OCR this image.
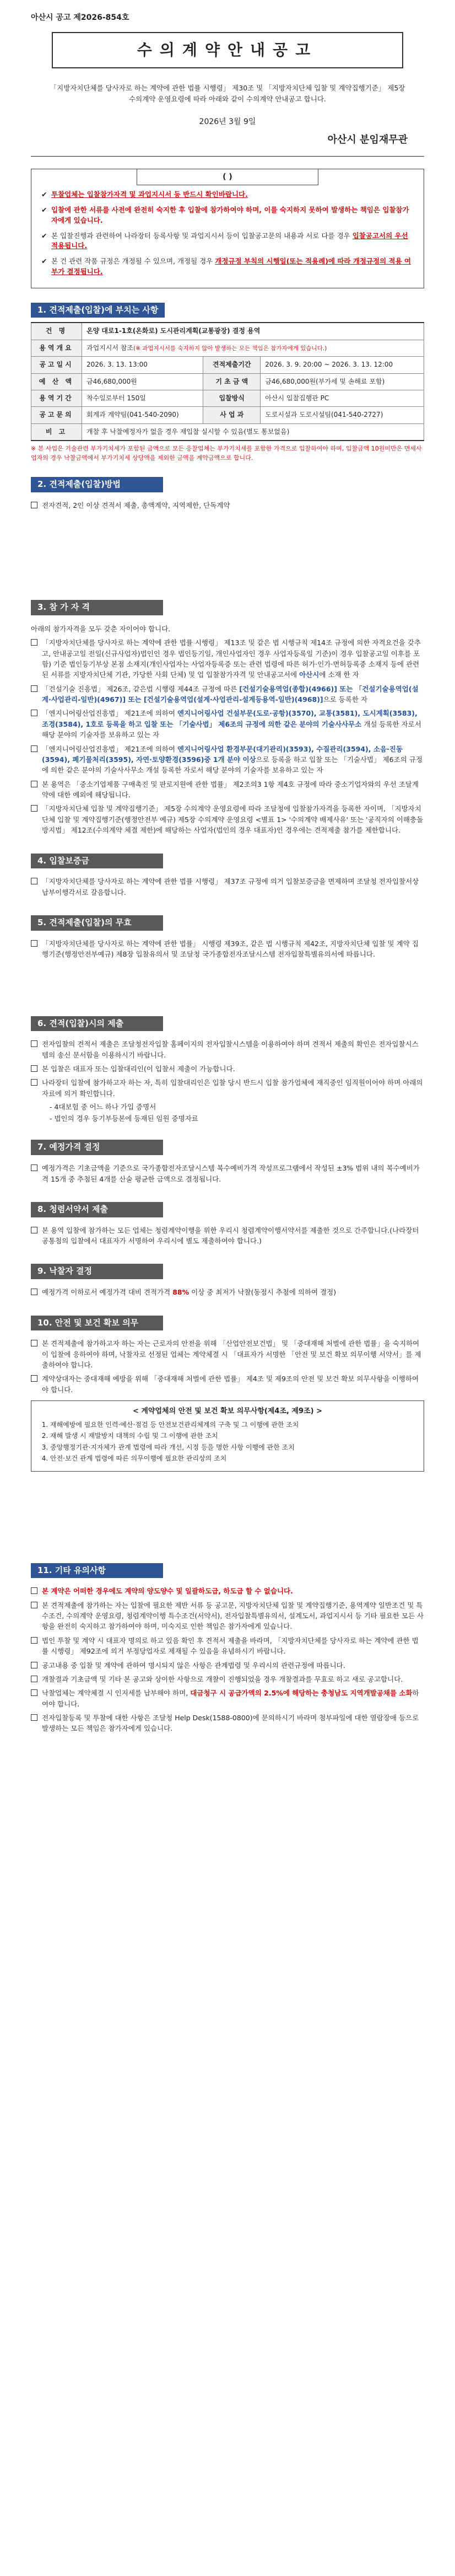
아산시 공고 제2026-854호
수의계약안내공고

「지방자치단체를 당사자로 하는 계약에 관한 법률 시행령」 제30조 및 「지방자치단체 입찰 및 계약집행기준」 제5장 수의계약 운영요령에 따라 아래와 같이 수의계약 안내공고 합니다.

2026년 3월 9일
아산시 분임재무관
( )
✔ 투찰업체는 입찰참가자격 및 과업지시서 등 반드시 확인바랍니다.
✔ 입찰에 관한 서류를 사전에 완전히 숙지한 후 입찰에 참가하여야 하며, 이를 숙지하지 못하여 발생하는 책임은 입찰참가자에게 있습니다.
✔ 본 입찰진행과 관련하여 나라장터 등록사항 및 과업지시서 등이 입찰공고문의 내용과 서로 다를 경우 입찰공고서의 우선 적용됩니다.
✔ 본 건 관련 작품 규정은 개정될 수 있으며, 개정될 경우 개정규정 부칙의 시행일(또는 적용례)에 따라 개정규정의 적용 여부가 결정됩니다.
1. 견적제출(입찰)에 부치는 사항
건 명	온양 대로1-1호(온화로) 도시관리계획(교통광장) 결정 용역		
용역개요	과업지시서 참조(※ 과업지시서를 숙지하지 않아 발생하는 모든 책임은 참가자에게 있습니다.)		
공고일시	2026. 3. 13. 13:00	견적제출기간	2026. 3. 9. 20:00 ~ 2026. 3. 13. 12:00
예 산 액	금46,680,000원	기 초 금 액	금46,680,000원(부가세 및 손해료 포함)
용역기간	착수일로부터 150일	입찰방식	아산시 입찰집행관 PC
공고문의	회계과 계약팀(041-540-2090)	사 업 과	도로시설과 도로시설팀(041-540-2727)
비 고	개찰 후 낙찰예정자가 없을 경우 재입찰 실시할 수 있음(별도 통보없음)		

※ 본 사업은 기술관련 부가기치세가 포함된 금액으로 모든 응찰업체는 부가기치세를 포함한 가격으로 입찰하여야 하며, 입찰금액 10원미만은 면세사업자의 경우 낙찰금액에서 부가기치세 상당액을 제외한 금액을 계약금액으로 합니다.

2. 견적제출(입찰)방법
전자견적, 2인 이상 견적서 제출, 총액계약, 지역제한, 단독계약
3. 참 가 자 격

아래의 참가자격을 모두 갖춘 자이어야 합니다.

「지방자치단체를 당사자로 하는 계약에 관한 법률 시행령」 제13조 및 같은 법 시행규칙 제14조 규정에 의한 자격요건을 갖추고, 안내공고일 전일(신규사업자)법인인 경우 법인등기일, 개인사업자인 경우 사업자등록일 기준)이 경우 입찰공고일 이후를 포함) 기준 법인등기부상 본점 소재지(개인사업자는 사업자등록증 또는 관련 법령에 따른 허가·인가·면허등록증 소재지 등에 관련된 서류를 지방자치단체 기관, 가당한 사회 단체) 및 업 입찰참가자격 및 안내공고서에 아산시에 소재 한 자
「건설기술 진흥법」 제26조, 같은법 시행령 제44조 규정에 따른 [건설기술용역업(종합)(4966)] 또는 「건설기술용역업(설계·사업관리-일반)(4967)] 또는 [건설기술용역업(설계·사업관리-설계등용역-일반)(4968)]으로 등록한 자
「엔지니어링산업진흥법」 제21조에 의하여 엔지니어링사업 건설부문(도로·공항)(3570), 교통(3581), 도시계획(3583), 조경(3584), 1호로 등록을 하고 입찰 또는 「기술사법」 제6조의 규정에 의한 같은 분야의 기술사사무소 개설 등록한 자로서 해당 분야의 기술자를 보유하고 있는 자
「엔지니어링산업진흥법」 제21조에 의하여 엔지니어링사업 환경부문(대기관리)(3593), 수질관리(3594), 소음·진동(3594), 폐기물처리(3595), 자연·토양환경(3596)중 1개 분야 이상으로 등록을 하고 입찰 또는 「기술사법」 제6조의 규정에 의한 같은 분야의 기술사사무소 개설 등록한 자로서 해당 분야의 기술자를 보유하고 있는 자
본 용역은 「중소기업제품 구매촉진 및 판로지원에 관한 법률」 제2조의3 1항 제4호 규정에 따라 중소기업자와의 우선 조달계약에 대한 예외에 해당됩니다.
「지방자치단체 입찰 및 계약집행기준」 제5장 수의계약 운영요령에 따라 조달청에 입찰참가자격을 등록한 자이며, 「지방자치단체 입찰 및 계약집행기준(행정안전부 예규) 제5장 수의계약 운영요령 <별표 1> '수의계약 배제사유' 또는 '공직자의 이해충돌 방지법」 제12조(수의계약 체결 제한)에 해당하는 사업자(법인의 경우 대표자)인 경우에는 견적제출 참가를 제한합니다.
4. 입찰보증금
「지방자치단체를 당사자로 하는 계약에 관한 법률 시행령」 제37조 규정에 의거 입찰보증금을 면제하며 조달청 전자입찰서상 납부이행각서로 갈음합니다.
5. 견적제출(입찰)의 무효
「지방자치단체를 당사자로 하는 계약에 관한 법률」 시행령 제39조, 같은 법 시행규칙 제42조, 지방자치단체 입찰 및 계약 집행기준(행정안전부예규) 제8장 입찰유의서 및 조달청 국가종합전자조달시스템 전자입찰특별유의서에 따릅니다.
6. 견적(입찰)시의 제출
전자입찰의 견적서 제출은 조달청전자입찰 홈페이지의 전자입찰시스템을 이용하여야 하며 견적서 제출의 확인은 전자입찰시스템의 송신 문서함을 이용하시기 바랍니다.
본 입찰은 대표자 또는 입찰대리인(이 입찰서 제출이 가능합니다.
나라장터 입찰에 참가하고자 하는 자, 특히 입찰대리인은 입찰 당시 반드시 입찰 참가업체에 재직중인 임직원이어야 하며 아래의 자료에 의거 확인합니다.
- 4대보험 중 어느 하나 가입 증명서
- 법인의 경우 등기부등본에 등재된 임원 증명자료
7. 예정가격 결정
예정가격은 기초금액을 기준으로 국가종합전자조달시스템 복수예비가격 작성프로그램에서 작성된 ±3% 범위 내의 복수예비가격 15개 중 추첨된 4개를 산술 평균한 금액으로 결정됩니다.
8. 청렴서약서 제출
본 용역 입찰에 참가하는 모든 업체는 청렴계약이행을 위한 우리시 청렴계약이행서약서를 제출한 것으로 간주합니다.(나라장터 공통첨의 입찰에서 대표자가 서명하여 우리시에 별도 제출하여야 합니다.)
9. 낙찰자 결정
예정가격 이하로서 예정가격 대비 견적가격 88% 이상 중 최저가 낙찰(동점시 추첨에 의하여 결정)
10. 안전 및 보건 확보 의무
본 견적제출에 참가하고자 하는 자는 근로자의 안전을 위해 「산업안전보건법」 및 「중대재해 처벌에 관한 법률」을 숙지하여 이 입찰에 응하여야 하며, 낙찰자로 선정된 업체는 계약체결 시 「대표자가 서명한 「안전 및 보건 확보 의무이행 서약서」를 제출하여야 합니다.
계약상대자는 중대재해 예방을 위해 「중대재해 처벌에 관한 법률」 제4조 및 제9조의 안전 및 보건 확보 의무사항을 이행하여야 합니다.
< 계약업체의 안전 및 보건 확보 의무사항(제4조, 제9조) >
1. 재해예방에 필요한 인력·예산·점검 등 안전보건관리체계의 구축 및 그 이행에 관한 조치
2. 재해 발생 시 재발방지 대책의 수립 및 그 이행에 관한 조치
3. 중앙행정기관·지자체가 관계 법령에 따라 개선, 시정 등을 명한 사항 이행에 관한 조치
4. 안전·보건 관계 법령에 따른 의무이행에 필요한 관리상의 조치
11. 기타 유의사항
본 계약은 어떠한 경우에도 계약의 양도양수 및 일괄하도급, 하도급 할 수 없습니다.
본 견적제출에 참가하는 자는 입찰에 필요한 제반 서류 등 공고문, 지방자치단체 입찰 및 계약집행기준, 용역계약 일반조건 및 특수조건, 수의계약 운영요령, 청렴계약이행 특수조건(서약서), 전자입찰특별유의서, 설계도서, 과업지시서 등 기타 필요한 모든 사항을 완전히 숙지하고 참가하여야 하며, 미숙지로 인한 책임은 참가자에게 있습니다.
법인 투찰 및 계약 시 대표자 명의로 하고 있음 확인 후 견적서 제출을 바라며, 「지방자치단체를 당사자로 하는 계약에 관한 법률 시행령」 제92조에 의거 부정당업자로 제재될 수 있음을 유념하시기 바랍니다.
공고내용 중 입찰 및 계약에 관하여 명시되지 않은 사항은 관계법령 및 우리시의 관련규정에 따릅니다.
개찰결과 기초금액 및 기타 본 공고와 상이한 사항으로 개찰이 진행되었을 경우 개찰결과를 무효로 하고 새로 공고합니다.
낙찰업체는 계약체결 시 인지세를 납부해야 하며, 대금청구 시 공급가액의 2.5%에 해당하는 충청남도 지역개발공채를 소화하여야 합니다.
전자입찰등록 및 투찰에 대한 사항은 조달청 Help Desk(1588-0800)에 문의하시기 바라며 첨부파일에 대한 열람장애 등으로 발생하는 모든 책임은 참가자에게 있습니다.
